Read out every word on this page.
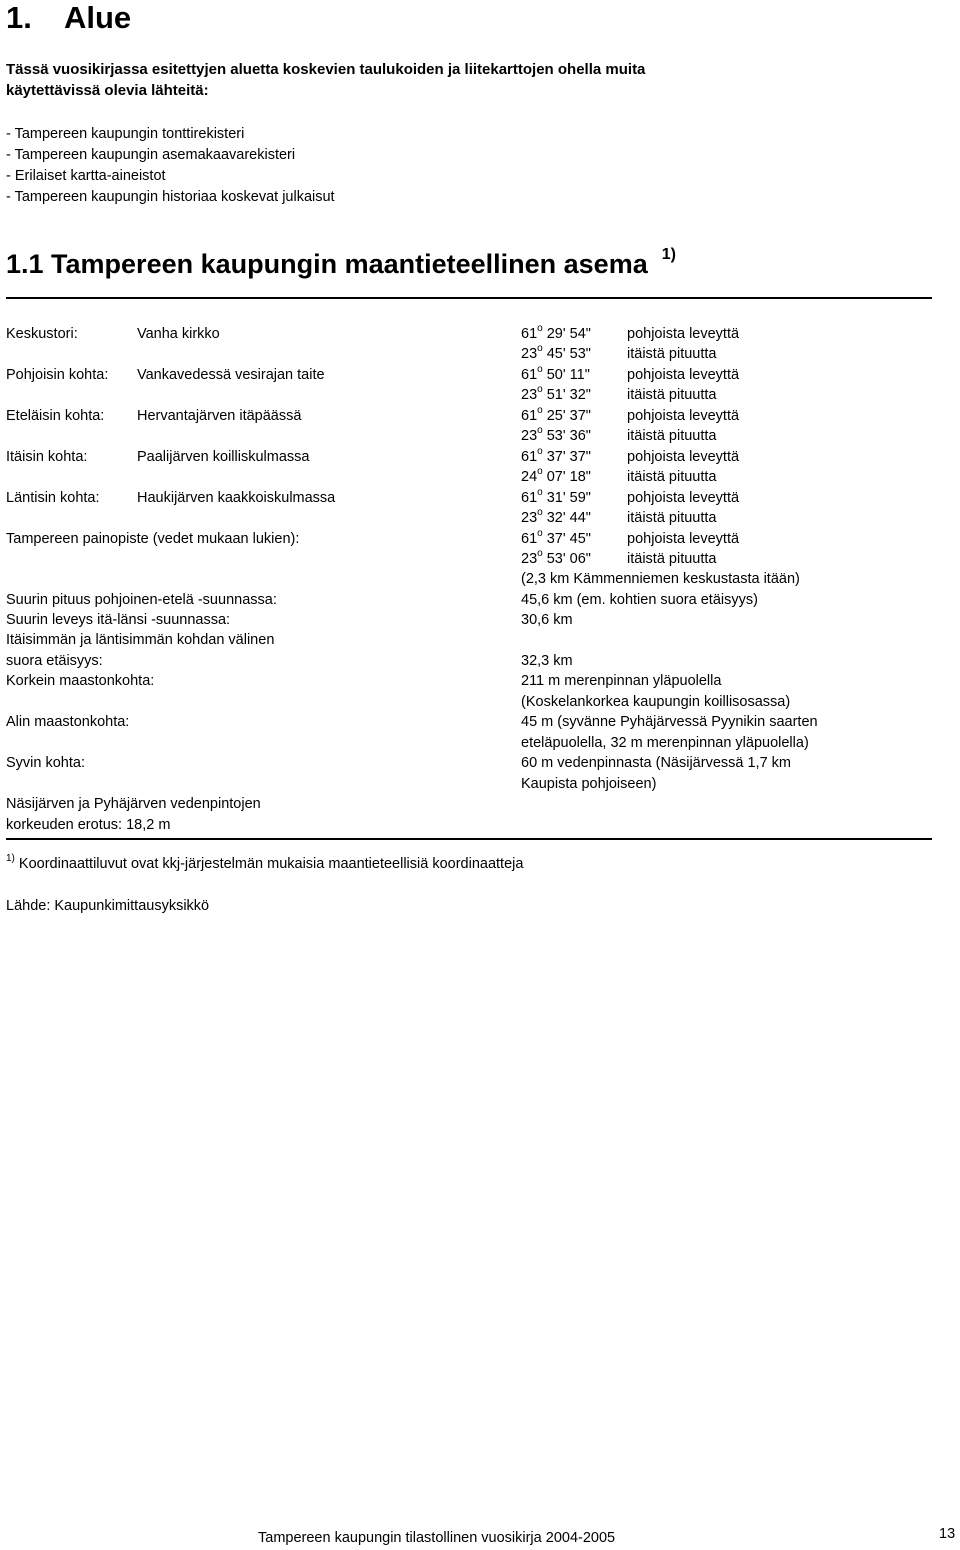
1. Alue
Tässä vuosikirjassa esitettyjen aluetta koskevien taulukoiden ja liitekarttojen ohella muita
käytettävissä olevia lähteitä:
- Tampereen kaupungin tonttirekisteri
- Tampereen kaupungin asemakaavarekisteri
- Erilaiset kartta-aineistot
- Tampereen kaupungin historiaa koskevat julkaisut
1.1 Tampereen kaupungin maantieteellinen asema $^{1)}$
Keskustori:	Vanha kirkko	61$^o$ 29' 54" pohjoista leveyttä
23$^o$ 45' 53" itäistä pituutta
Pohjoisin kohta: Vankavedessä vesirajan taite	61$^o$ 50' 11"	pohjoista leveyttä
23$^o$ 51' 32" itäistä pituutta
Eteläisin kohta: Hervantajärven itäpäässä	61$^o$ 25' 37" pohjoista leveyttä
23$^o$ 53' 36" itäistä pituutta
Itäisin kohta:	Paalijärven koilliskulmassa	61$^o$ 37' 37" pohjoista leveyttä
24$^o$ 07' 18" itäistä pituutta
Läntisin kohta:	Haukijärven kaakkoiskulmassa	61$^o$ 31' 59" pohjoista leveyttä
23$^o$ 32' 44" itäistä pituutta
Tampereen painopiste (vedet mukaan lukien):	61$^o$ 37' 45" pohjoista leveyttä
23$^o$ 53' 06" itäistä pituutta
(2,3 km Kämmenniemen keskustasta itään)
Suurin pituus pohjoinen-etelä -suunnassa:	45,6 km (em. kohtien suora etäisyys)
Suurin leveys itä-länsi -suunnassa:	30,6 km
Itäisimmän ja läntisimmän kohdan välinen
suora etäisyys:	32,3 km
Korkein maastonkohta:	211 m merenpinnan yläpuolella
(Koskelankorkea kaupungin koillisosassa)
Alin maastonkohta:	45 m (syvänne Pyhäjärvessä Pyynikin saarten
eteläpuolella, 32 m merenpinnan yläpuolella)
Syvin kohta:	60 m vedenpinnasta (Näsijärvessä 1,7 km
Kaupista pohjoiseen)
Näsijärven ja Pyhäjärven vedenpintojen
korkeuden erotus: 18,2 m
$^{1)}$ Koordinaattiluvut ovat kkj-järjestelmän mukaisia maantieteellisiä koordinaatteja
Lähde: Kaupunkimittausyksikkö
Tampereen kaupungin tilastollinen vuosikirja 2004-2005	13
